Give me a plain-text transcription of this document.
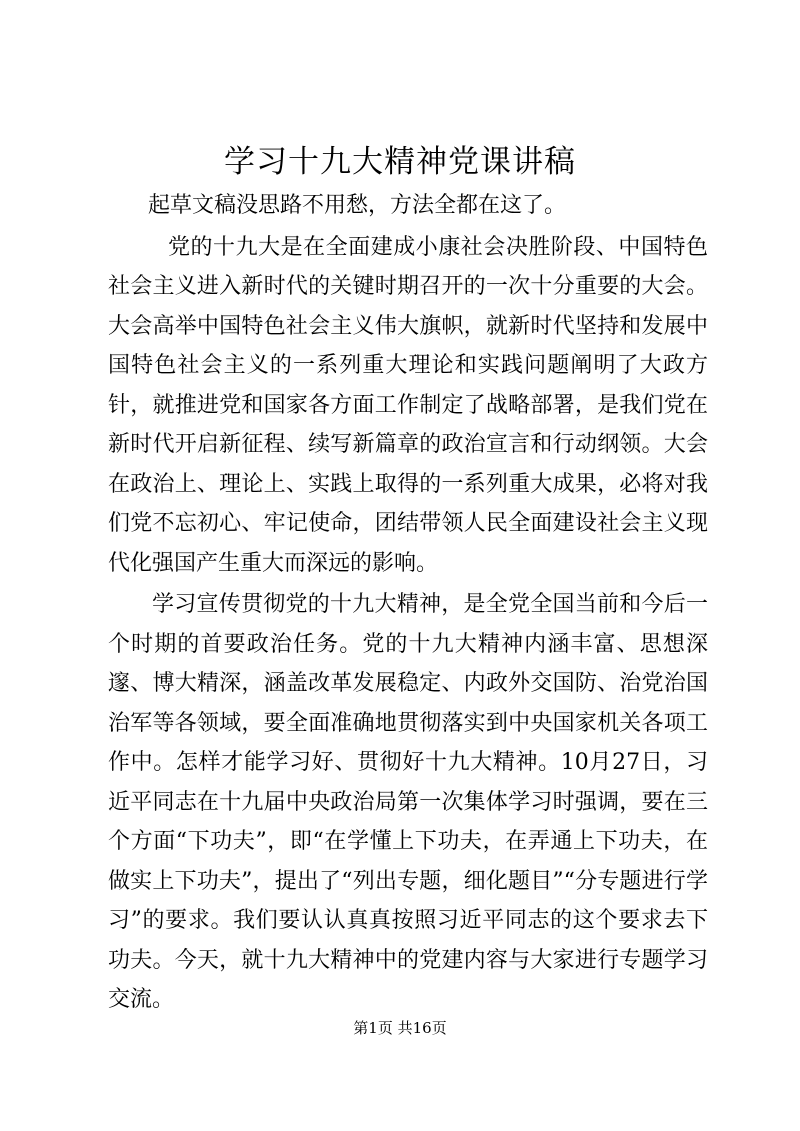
学习十九大精神党课讲稿

起草文稿没思路不用愁，方法全都在这了。

党的十九大是在全面建成小康社会决胜阶段、中国特色社会主义进入新时代的关键时期召开的一次十分重要的大会。大会高举中国特色社会主义伟大旗帜，就新时代坚持和发展中国特色社会主义的一系列重大理论和实践问题阐明了大政方针，就推进党和国家各方面工作制定了战略部署，是我们党在新时代开启新征程、续写新篇章的政治宣言和行动纲领。大会在政治上、理论上、实践上取得的一系列重大成果，必将对我们党不忘初心、牢记使命，团结带领人民全面建设社会主义现代化强国产生重大而深远的影响。

学习宣传贯彻党的十九大精神，是全党全国当前和今后一个时期的首要政治任务。党的十九大精神内涵丰富、思想深邃、博大精深，涵盖改革发展稳定、内政外交国防、治党治国治军等各领域，要全面准确地贯彻落实到中央国家机关各项工作中。怎样才能学习好、贯彻好十九大精神。10月27日，习近平同志在十九届中央政治局第一次集体学习时强调，要在三个方面“下功夫”，即“在学懂上下功夫，在弄通上下功夫，在做实上下功夫”，提出了“列出专题，细化题目”“分专题进行学习”的要求。我们要认认真真按照习近平同志的这个要求去下功夫。今天，就十九大精神中的党建内容与大家进行专题学习交流。

第1页 共16页
